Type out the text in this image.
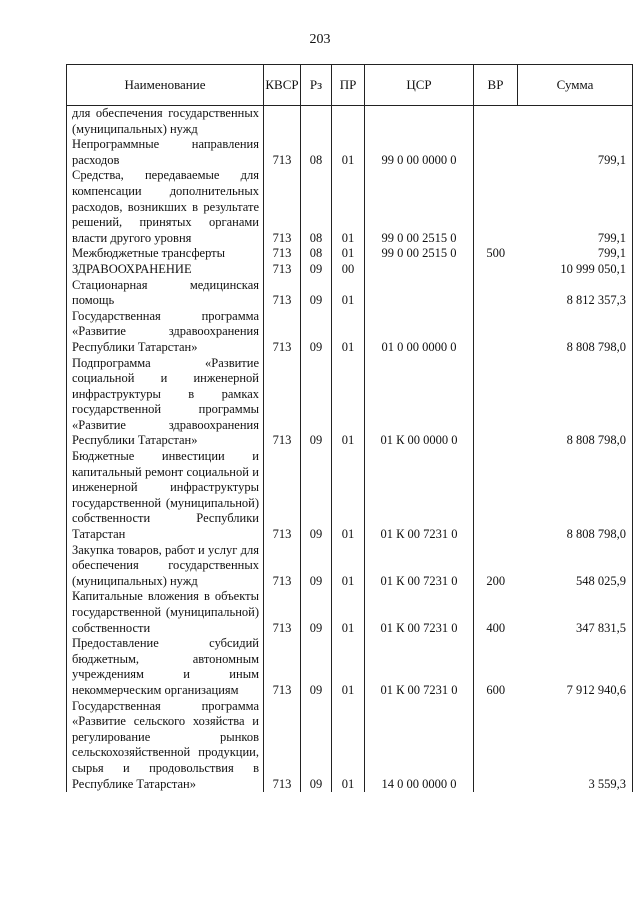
203
Наименование	КВСР	Рз	ПР	ЦСР	ВР	Сумма
для обеспечения государственных (муниципальных) нужд						
Непрограммные направления расходов	713	08	01	99 0 00 0000 0		799,1
Средства, передаваемые для компенсации дополнительных расходов, возникших в результате решений, принятых органами власти другого уровня	713	08	01	99 0 00 2515 0		799,1
Межбюджетные трансферты	713	08	01	99 0 00 2515 0	500	799,1
ЗДРАВООХРАНЕНИЕ	713	09	00			10 999 050,1
Стационарная медицинская помощь	713	09	01			8 812 357,3
Государственная программа «Развитие здравоохранения Республики Татарстан»	713	09	01	01 0 00 0000 0		8 808 798,0
Подпрограмма «Развитие социальной и инженерной инфраструктуры в рамках государственной программы «Развитие здравоохранения Республики Татарстан»	713	09	01	01 К 00 0000 0		8 808 798,0
Бюджетные инвестиции и капитальный ремонт социальной и инженерной инфраструктуры государственной (муниципальной) собственности Республики Татарстан	713	09	01	01 К 00 7231 0		8 808 798,0
Закупка товаров, работ и услуг для обеспечения государственных (муниципальных) нужд	713	09	01	01 К 00 7231 0	200	548 025,9
Капитальные вложения в объекты государственной (муниципальной) собственности	713	09	01	01 К 00 7231 0	400	347 831,5
Предоставление субсидий бюджетным, автономным учреждениям и иным некоммерческим организациям	713	09	01	01 К 00 7231 0	600	7 912 940,6
Государственная программа «Развитие сельского хозяйства и регулирование рынков сельскохозяйственной продукции, сырья и продовольствия в Республике Татарстан»	713	09	01	14 0 00 0000 0		3 559,3
